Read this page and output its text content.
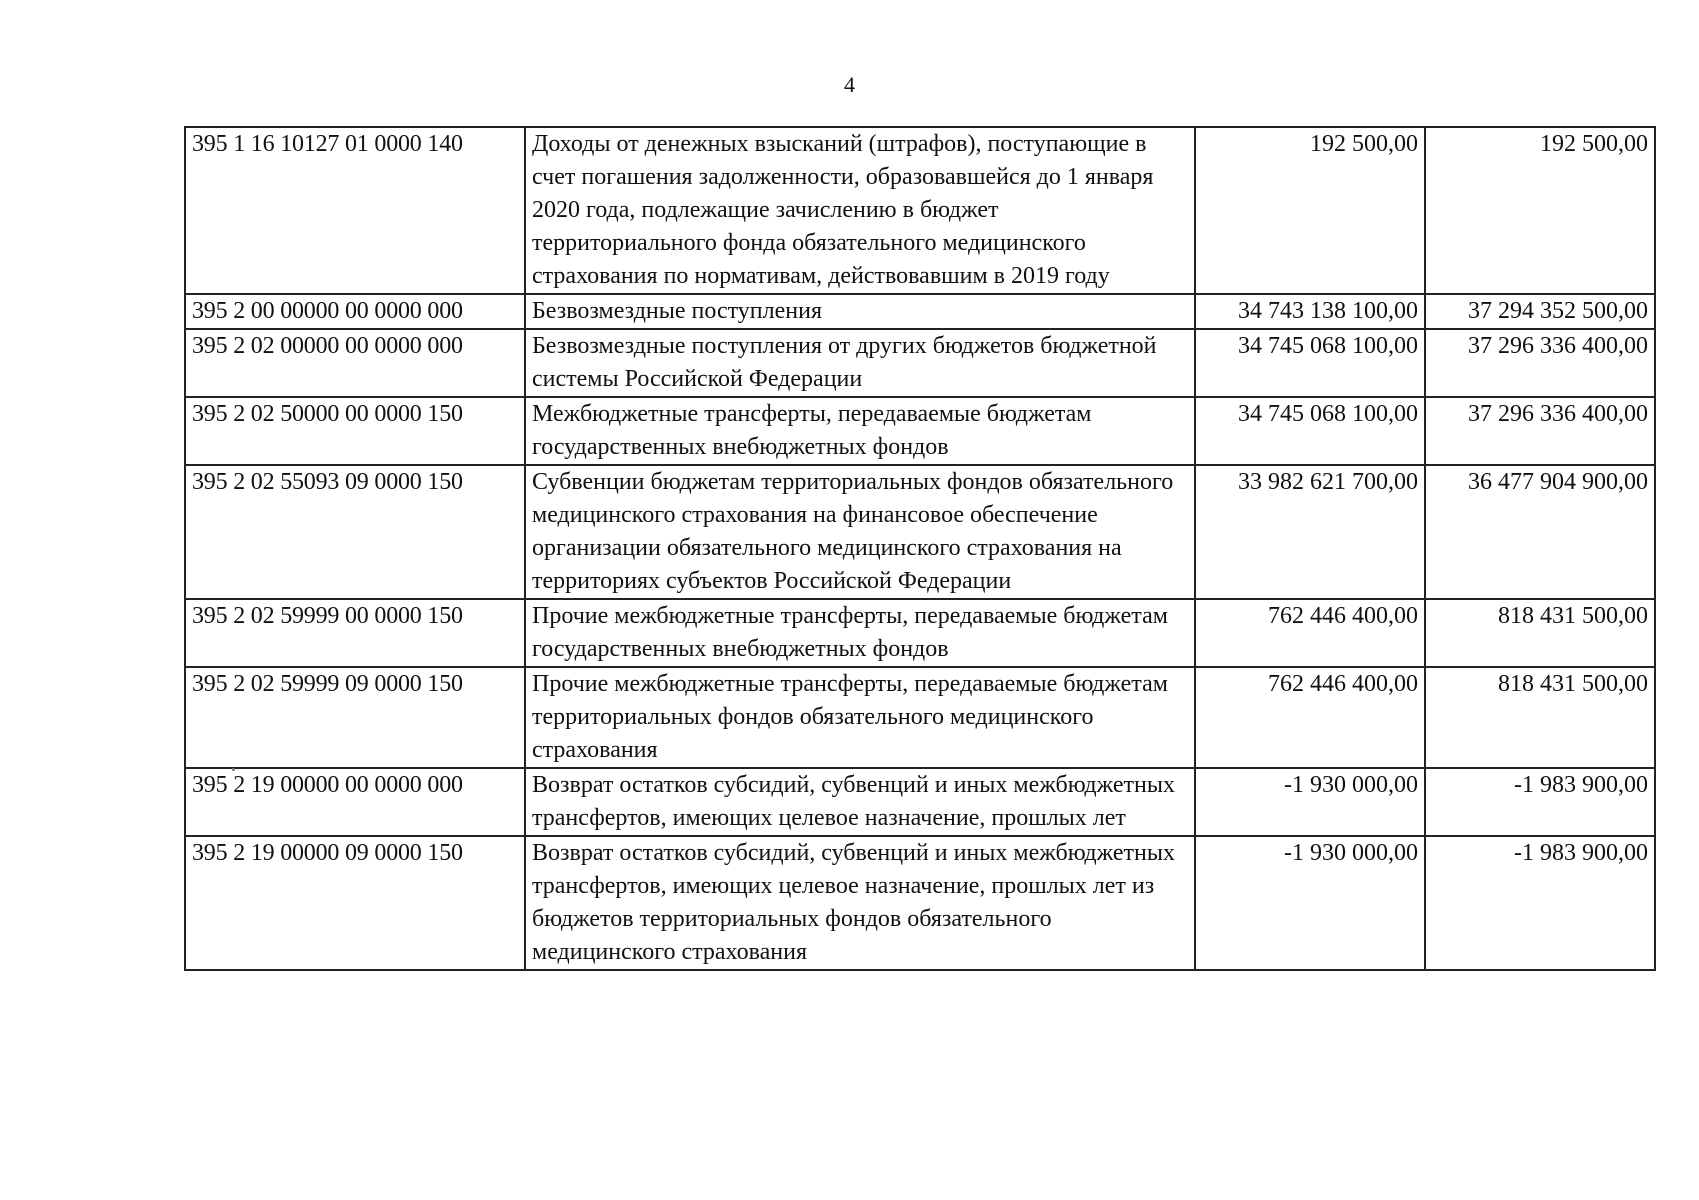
4
395 1 16 10127 01 0000 140	Доходы от денежных взысканий (штрафов), поступающие в счет погашения задолженности, образовавшейся до 1 января 2020 года, подлежащие зачислению в бюджет территориального фонда обязательного медицинского страхования по нормативам, действовавшим в 2019 году	192 500,00	192 500,00
395 2 00 00000 00 0000 000	Безвозмездные поступления	34 743 138 100,00	37 294 352 500,00
395 2 02 00000 00 0000 000	Безвозмездные поступления от других бюджетов бюджетной системы Российской Федерации	34 745 068 100,00	37 296 336 400,00
395 2 02 50000 00 0000 150	Межбюджетные трансферты, передаваемые бюджетам государственных внебюджетных фондов	34 745 068 100,00	37 296 336 400,00
395 2 02 55093 09 0000 150	Субвенции бюджетам территориальных фондов обязательного медицинского страхования на финансовое обеспечение организации обязательного медицинского страхования на территориях субъектов Российской Федерации	33 982 621 700,00	36 477 904 900,00
395 2 02 59999 00 0000 150	Прочие межбюджетные трансферты, передаваемые бюджетам государственных внебюджетных фондов	762 446 400,00	818 431 500,00
395 2 02 59999 09 0000 150	Прочие межбюджетные трансферты, передаваемые бюджетам территориальных фондов обязательного медицинского страхования	762 446 400,00	818 431 500,00
395 2 19 00000 00 0000 000	Возврат остатков субсидий, субвенций и иных межбюджетных трансфертов, имеющих целевое назначение, прошлых лет	-1 930 000,00	-1 983 900,00
395 2 19 00000 09 0000 150	Возврат остатков субсидий, субвенций и иных межбюджетных трансфертов, имеющих целевое назначение, прошлых лет из бюджетов территориальных фондов обязательного медицинского страхования	-1 930 000,00	-1 983 900,00
